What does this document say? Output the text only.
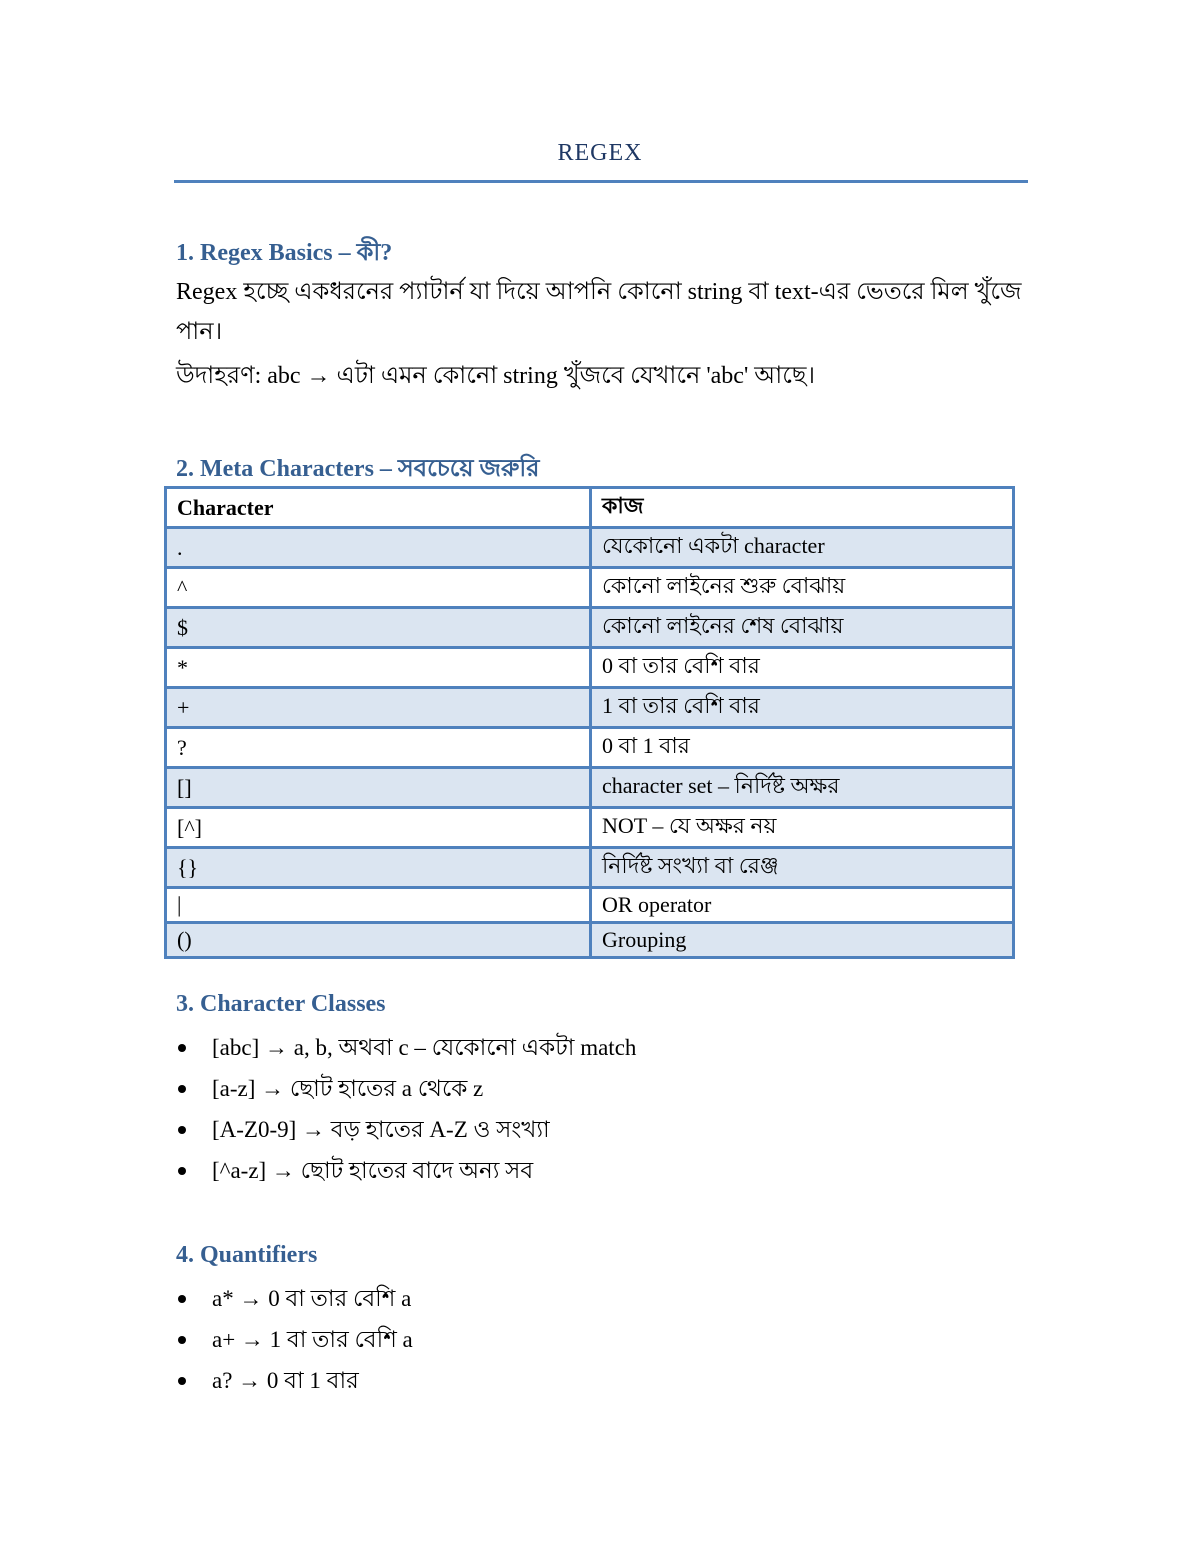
REGEX
1. Regex Basics – কী?
Regex হচ্ছে একধরনের প্যাটার্ন যা দিয়ে আপনি কোনো string বা text-এর ভেতরে মিল খুঁজে পান।
উদাহরণ: abc → এটা এমন কোনো string খুঁজবে যেখানে 'abc' আছে।
2. Meta Characters – সবচেয়ে জরুরি
Character	কাজ
.	যেকোনো একটা character
^	কোনো লাইনের শুরু বোঝায়
$	কোনো লাইনের শেষ বোঝায়
*	0 বা তার বেশি বার
+	1 বা তার বেশি বার
?	0 বা 1 বার
[]	character set – নির্দিষ্ট অক্ষর
[^]	NOT – যে অক্ষর নয়
{}	নির্দিষ্ট সংখ্যা বা রেঞ্জ
|	OR operator
()	Grouping
3. Character Classes
[abc] → a, b, অথবা c – যেকোনো একটা match
[a-z] → ছোট হাতের a থেকে z
[A-Z0-9] → বড় হাতের A-Z ও সংখ্যা
[^a-z] → ছোট হাতের বাদে অন্য সব
4. Quantifiers
a* → 0 বা তার বেশি a
a+ → 1 বা তার বেশি a
a? → 0 বা 1 বার
